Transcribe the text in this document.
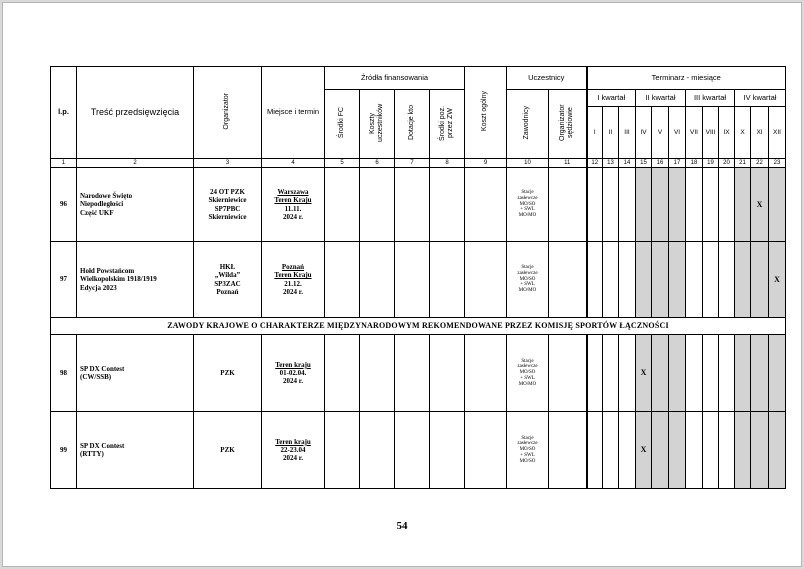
l.p.	Treść przedsięwzięcia	Organizator	Miejsce i termin	Źródła finansowania				Koszt ogólny	Uczestnicy		Terminarz - miesiące											
				Środki FC	Koszty uczestników	Dotacje kto	Środki poz. przez ZW		Zawodnicy	Organizator sędziowie	I kwartał			II kwartał			III kwartał			IV kwartał		
											I	II	III	IV	V	VI	VII	VIII	IX	X	XI	XII
1	2	3	4	5	6	7	8	9	10	11	12	13	14	15	16	17	18	19	20	21	22	23
96	Narodowe Święto
Niepodległości
Część UKF	24 OT PZK
Skierniewice
SP7PBC
Skierniewice	Warszawa
Teren Kraju
11.11.
2024 r.						Stacje
zasłewcze
MO/SO
+ SWL
MO/MO												X	
97	Hołd Powstańcom
Wielkopolskim 1918/1919
Edycja 2023	HKŁ
„Wilda”
SP3ZAC
Poznań	Poznań
Teren Kraju
21.12.
2024 r.						Stacje
zasłewcze
MO/SO
+ SWL
MO/MO													X
ZAWODY KRAJOWE O CHARAKTERZE MIĘDZYNARODOWYM REKOMENDOWANE PRZEZ KOMISJĘ SPORTÓW ŁĄCZNOŚCI																						
98	SP DX Contest
(CW/SSB)	PZK	Teren kraju
01-02.04.
2024 r.						Stacje
zasłewcze
MO/SO
+ SWL
MO/MO					X								
99	SP DX Contest
(RTTY)	PZK	Teren kraju
22-23.04
2024 r.						Stacje
zasłewcze
MO/SO
+ SWL
MO/SO					X								
54
